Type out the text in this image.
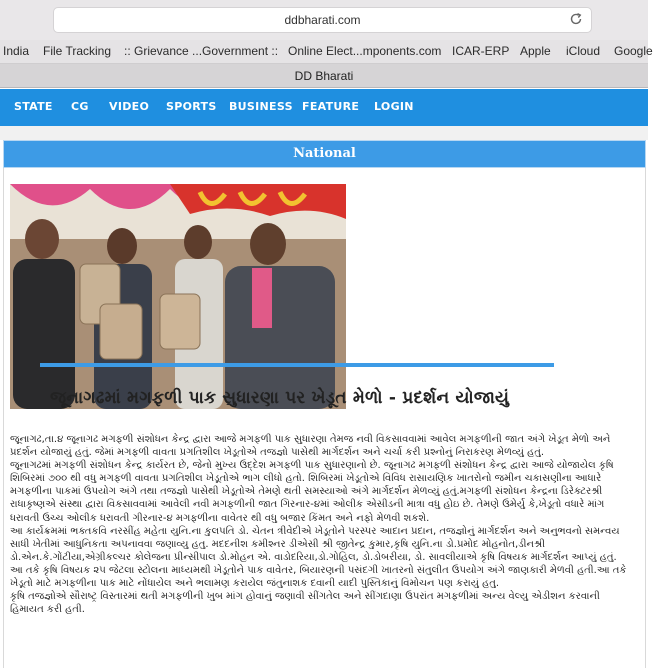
ddbharati.com
India File Tracking :: Grievance ...Government :: Online Elect...mponents.com ICAR-ERP Apple iCloud Google
DD Bharati
STATE CG VIDEO SPORTS BUSINESS FEATURE LOGIN
National
જૂનાગઢમાં મગફળી પાક સુધારણા પર ખેડૂત મેળો - પ્રદર્શન યોજાયું

જૂનાગઢ,તા.૪ જૂનાગઢ મગફળી સંશોધન કેન્દ્ર દ્વારા આજે મગફળી પાક સુધારણા તેમજ નવી વિકસાવવામાં આવેલ મગફળીની જાત અંગે ખેડૂત મેળો અને પ્રદર્શન યોજાયું હતું. જેમાં મગફળી વાવતા પ્રગતિશીલ ખેડૂતોએ તજજ્ઞો પાસેથી માર્ગદર્શન અને ચર્ચા કરી પ્રશ્નોનું નિરાકરણ મેળવ્યું હતું.

જૂનાગઢમાં મગફળી સંશોધન કેન્દ્ર કાર્યરત છે, જેનો મુખ્ય ઉદ્દેશ મગફળી પાક સુધારણાનો છે. જૂનાગઢ મગફળી સંશોધન કેન્દ્ર દ્વારા આજે યોજાયેલ કૃષિ શિબિરમાં ૭૦૦ થી વધુ મગફળી વાવતા પ્રગતિશીલ ખેડૂતોએ ભાગ લીધો હતો. શિબિરમાં ખેડૂતોએ વિવિધ રાસાયણિક ખાતરોનો જમીન ચકાસણીના આધારે મગફળીના પાકમાં ઉપયોગ અંગે તથા તજજ્ઞો પાસેથી ખેડૂતોએ તેમણે થતી સમસ્યાઓ અંગે માર્ગદર્શન મેળવ્યું હતું.મગફળી સંશોધન કેન્દ્રના ડિરેક્ટરશ્રી રાધાકૃષ્ણએ સંસ્થા દ્વારા વિકસાવવામાં આવેલી નવી મગફળીની જાત ગિરનાર-૪માં ઓલીક એસીડની માત્રા વધુ હોઇ છે. તેમણે ઉમેર્યુ કે,ખેડૂતો વધારે માંગ ધરાવતી ઉચ્ચ ઓલીક ધરાવતી ગીરનાર-૪ મગફળીના વાવેતર થી વધુ બજાર કિંમત અને નફો મેળવી શકશે.

આ કાર્યક્રમમાં ભક્તકવિ નરસીંહ મહેતા યુનિ.ના કુલપતિ ડો. ચેતન ત્રીવેદીએ ખેડૂતોને પરસ્પર આદાન પ્રદાન, તજજ્ઞોનું માર્ગદર્શન અને અનુભવનો સમન્વય સાધી ખેતીમાં આધુનિકતા અપનાવવા જણાવ્યુ હતુ. મદદનીશ કમીશ્નર ડીએસી શ્રી જીતેન્દ્ર કુમાર,કૃષિ યુનિ.ના ડો.પ્રમોદ મોહનોત,ડીનશ્રી ડો.એન.કે.ગોંટીયા,એગ્રીકલ્ચર કોલેજના પ્રીન્સીપાલ ડો.મોહન એ. વાડોદરિયા,ડો.ગોહિલ, ડો.ડોબરીયા, ડો. સાવલીયાએ કૃષિ વિષયક માર્ગદર્શન આપ્યું હતું. આ તકે કૃષિ વિષયક ૨૫ જેટલા સ્ટોલના માધ્યમથી ખેડૂતોને પાક વાવેતર, બિયારણની પસંદગી ખાતરનો સંતુલીત ઉપયોગ અંગે જાણકારી મેળવી હતી.આ તકે ખેડૂતો માટે મગફળીના પાક માટે નોંધાયેલ અને ભલામણ કરાયેલ જંતુનાશક દવાની યાદી પુસ્તિકાનું વિમોચન પણ કરાયું હતુ.

કૃષિ તજજ્ઞોએ સૌરાષ્ટ્ર વિસ્તારમાં થતી મગફળીની ખુબ માંગ હોવાનું જણાવી સીંગતેલ અને સીંગદાણા ઉપરાંત મગફળીમાં અન્ય વેલ્યુ એડીશન કરવાની હિમાયત કરી હતી.
